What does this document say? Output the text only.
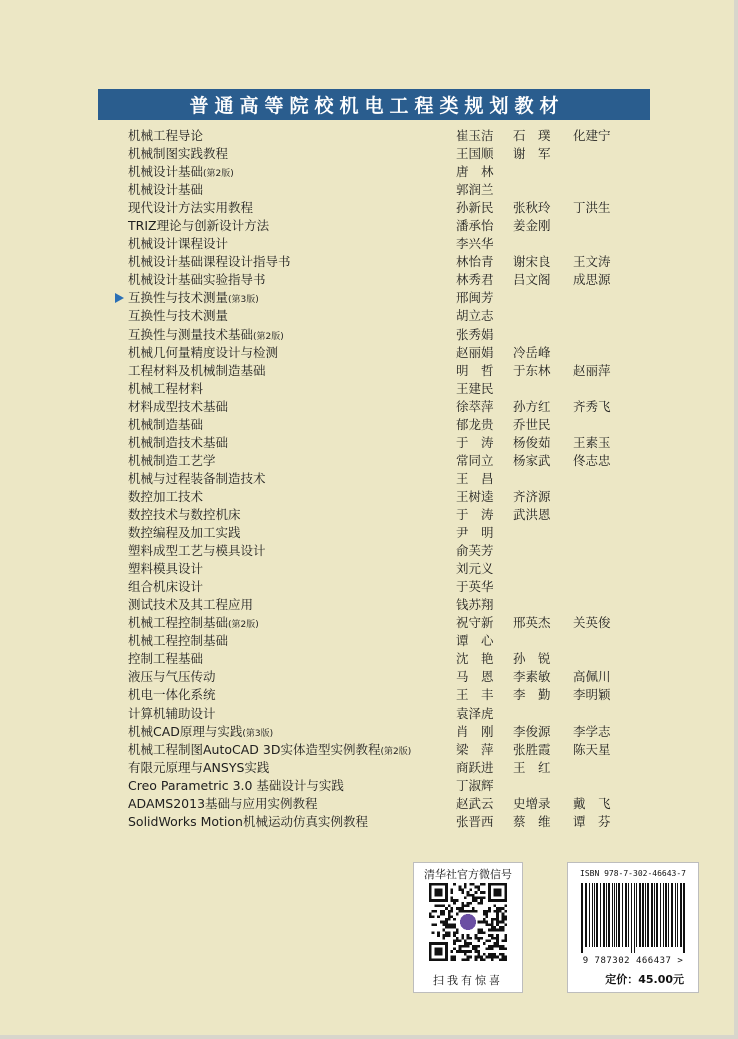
普通高等院校机电工程类规划教材
机械工程导论	崔玉洁 石　璞 化建宁
机械制图实践教程	王国顺 谢　军
机械设计基础(第2版)	唐　林
机械设计基础	郭润兰
现代设计方法实用教程	孙新民 张秋玲 丁洪生
TRIZ理论与创新设计方法	潘承怡 姜金刚
机械设计课程设计	李兴华
机械设计基础课程设计指导书	林怡青 谢宋良 王文涛
机械设计基础实验指导书	林秀君 吕文阁 成思源
互换性与技术测量(第3版)	邢闽芳
互换性与技术测量	胡立志
互换性与测量技术基础(第2版)	张秀娟
机械几何量精度设计与检测	赵丽娟 冷岳峰
工程材料及机械制造基础	明　哲 于东林 赵丽萍
机械工程材料	王建民
材料成型技术基础	徐萃萍 孙方红 齐秀飞
机械制造基础	郁龙贵 乔世民
机械制造技术基础	于　涛 杨俊茹 王素玉
机械制造工艺学	常同立 杨家武 佟志忠
机械与过程装备制造技术	王　昌
数控加工技术	王树逵 齐济源
数控技术与数控机床	于　涛 武洪恩
数控编程及加工实践	尹　明
塑料成型工艺与模具设计	俞芙芳
塑料模具设计	刘元义
组合机床设计	于英华
测试技术及其工程应用	钱苏翔
机械工程控制基础(第2版)	祝守新 邢英杰 关英俊
机械工程控制基础	谭　心
控制工程基础	沈　艳 孙　锐
液压与气压传动	马　恩 李素敏 高佩川
机电一体化系统	王　丰 李　勤 李明颖
计算机辅助设计	袁泽虎
机械CAD原理与实践(第3版)	肖　刚 李俊源 李学志
机械工程制图AutoCAD 3D实体造型实例教程(第2版)	梁　萍 张胜霞 陈天星
有限元原理与ANSYS实践	商跃进 王　红
Creo Parametric 3.0 基础设计与实践	丁淑辉
ADAMS2013基础与应用实例教程	赵武云 史增录 戴　飞
SolidWorks Motion机械运动仿真实例教程	张晋西 蔡　维 谭　芬
清华社官方微信号
扫我有惊喜
ISBN 978-7-302-46643-7
9 787302 466437 >
定价：45.00元
